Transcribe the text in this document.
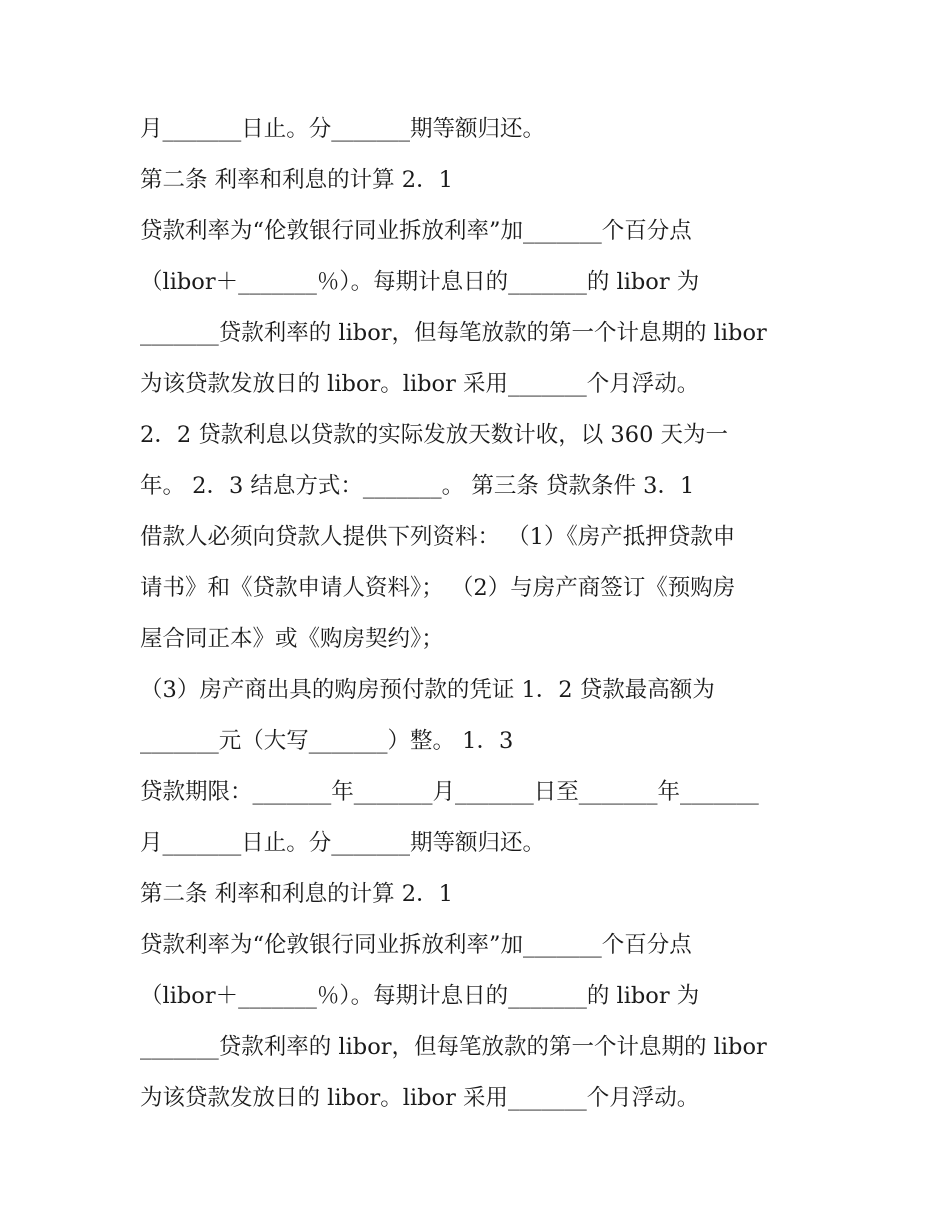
月_______日止。分_______期等额归还。
第二条 利率和利息的计算 2．1
贷款利率为“伦敦银行同业拆放利率”加_______个百分点
（libor＋_______％）。每期计息日的_______的 libor 为
_______贷款利率的 libor，但每笔放款的第一个计息期的 libor
为该贷款发放日的 libor。libor 采用_______个月浮动。
2．2 贷款利息以贷款的实际发放天数计收，以 360 天为一
年。 2．3 结息方式：_______。 第三条 贷款条件 3．1
借款人必须向贷款人提供下列资料： （1）《房产抵押贷款申
请书》和《贷款申请人资料》； （2）与房产商签订《预购房
屋合同正本》或《购房契约》；
（3）房产商出具的购房预付款的凭证 1．2 贷款最高额为
_______元（大写_______）整。 1．3
贷款期限：_______年_______月_______日至_______年_______
月_______日止。分_______期等额归还。
第二条 利率和利息的计算 2．1
贷款利率为“伦敦银行同业拆放利率”加_______个百分点
（libor＋_______％）。每期计息日的_______的 libor 为
_______贷款利率的 libor，但每笔放款的第一个计息期的 libor
为该贷款发放日的 libor。libor 采用_______个月浮动。
